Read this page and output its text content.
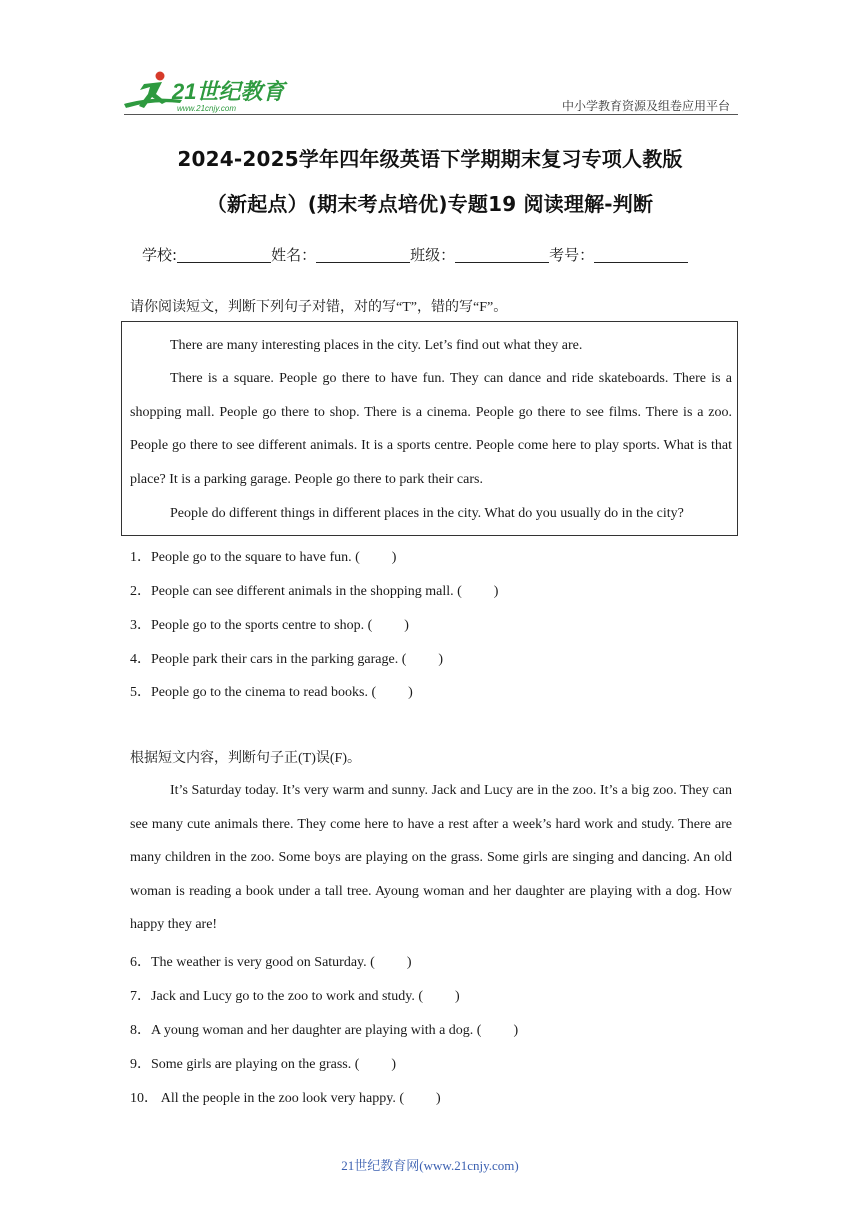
21世纪教育
www.21cnjy.com	中小学教育资源及组卷应用平台
2024-2025学年四年级英语下学期期末复习专项人教版
（新起点）(期末考点培优)专题19 阅读理解-判断
学校:	姓名：	班级：	考号：
请你阅读短文，判断下列句子对错，对的写“T”，错的写“F”。
There are many interesting places in the city. Let’s find out what they are.
There is a square. People go there to have fun. They can dance and ride skateboards. There is a shopping mall. People go there to shop. There is a cinema. People go there to see films. There is a zoo. People go there to see different animals. It is a sports centre. People come here to play sports. What is that place? It is a parking garage. People go there to park their cars.
People do different things in different places in the city. What do you usually do in the city?
1．People go to the square to have fun. ( )
2．People can see different animals in the shopping mall. ( )
3．People go to the sports centre to shop. ( )
4．People park their cars in the parking garage. ( )
5．People go to the cinema to read books. ( )
根据短文内容，判断句子正(T)误(F)。
It’s Saturday today. It’s very warm and sunny. Jack and Lucy are in the zoo. It’s a big zoo. They can see many cute animals there. They come here to have a rest after a week’s hard work and study. There are many children in the zoo. Some boys are playing on the grass. Some girls are singing and dancing. An old woman is reading a book under a tall tree. Ayoung woman and her daughter are playing with a dog. How happy they are!
6．The weather is very good on Saturday. ( )
7．Jack and Lucy go to the zoo to work and study. ( )
8．A young woman and her daughter are playing with a dog. ( )
9．Some girls are playing on the grass. ( )
10． All the people in the zoo look very happy. ( )
21世纪教育网(www.21cnjy.com)
